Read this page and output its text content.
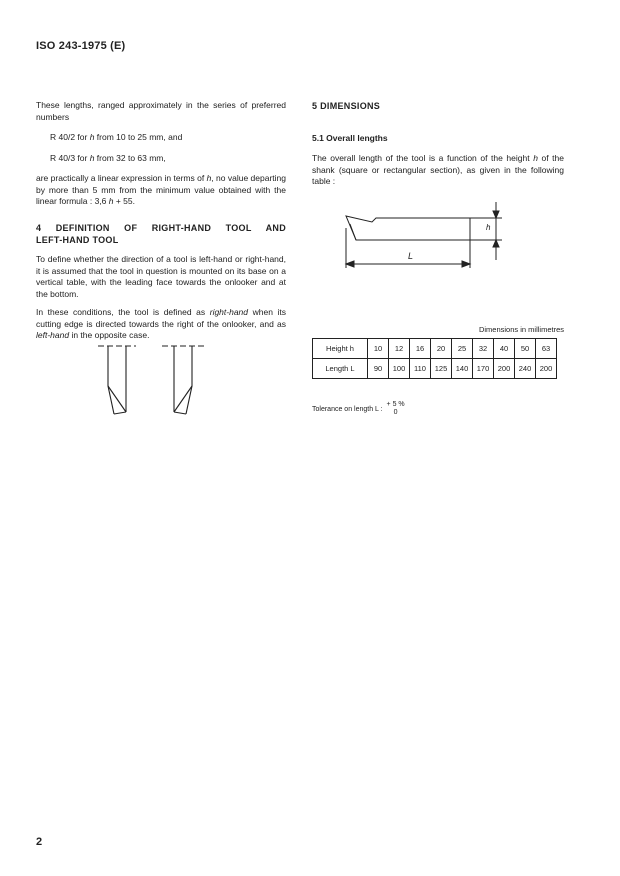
ISO 243-1975 (E)

These lengths, ranged approximately in the series of preferred numbers

R 40/2 for h from 10 to 25 mm, and

R 40/3 for h from 32 to 63 mm,

are practically a linear expression in terms of h, no value departing by more than 5 mm from the minimum value obtained with the linear formula : 3,6 h + 55.

4 DEFINITION OF RIGHT-HAND TOOL AND
LEFT-HAND TOOL

To define whether the direction of a tool is left-hand or right-hand, it is assumed that the tool in question is mounted on its base on a vertical table, with the leading face towards the onlooker and at the bottom.

In these conditions, the tool is defined as right-hand when its cutting edge is directed towards the right of the onlooker, and as left-hand in the opposite case.

5 DIMENSIONS
5.1 Overall lengths

The overall length of the tool is a function of the height h of the shank (square or rectangular section), as given in the following table :

h
L
Dimensions in millimetres
Height h	10	12	16	20	25	32	40	50	63
Length L	90	100	110	125	140	170	200	240	200
Tolerance on length L :
+ 5 %
0
2
